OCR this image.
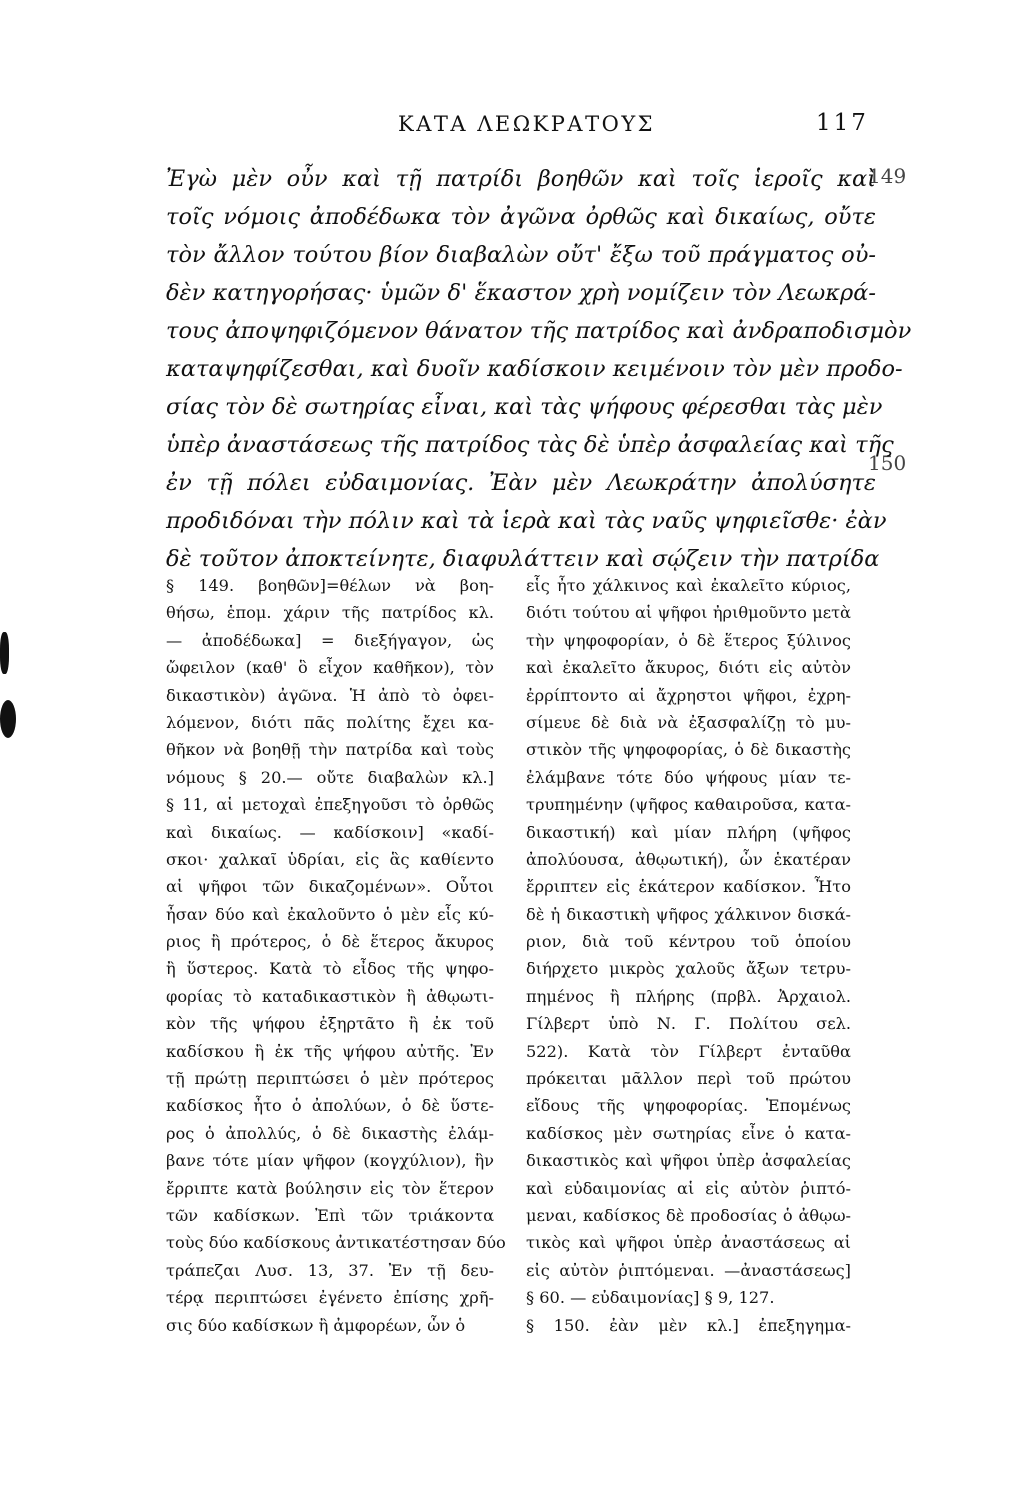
ΚΑΤΑ ΛΕΩΚΡΑΤΟΥΣ	117
149
150
Ἐγὼ μὲν οὖν καὶ τῇ πατρίδι βοηθῶν καὶ τοῖς ἱεροῖς καὶ
τοῖς νόμοις ἀποδέδωκα τὸν ἀγῶνα ὀρθῶς καὶ δικαίως, οὔτε
τὸν ἄλλον τούτου βίον διαβαλὼν οὔτ' ἔξω τοῦ πράγματος οὐ-
δὲν κατηγορήσας· ὑμῶν δ' ἕκαστον χρὴ νομίζειν τὸν Λεωκρά-
τους ἀποψηφιζόμενον θάνατον τῆς πατρίδος καὶ ἀνδραποδισμὸν
καταψηφίζεσθαι, καὶ δυοῖν καδίσκοιν κειμένοιν τὸν μὲν προδο-
σίας τὸν δὲ σωτηρίας εἶναι, καὶ τὰς ψήφους φέρεσθαι τὰς μὲν
ὑπὲρ ἀναστάσεως τῆς πατρίδος τὰς δὲ ὑπὲρ ἀσφαλείας καὶ τῆς
ἐν τῇ πόλει εὐδαιμονίας. Ἐὰν μὲν Λεωκράτην ἀπολύσητε
προδιδόναι τὴν πόλιν καὶ τὰ ἱερὰ καὶ τὰς ναῦς ψηφιεῖσθε· ἐὰν
δὲ τοῦτον ἀποκτείνητε, διαφυλάττειν καὶ σῴζειν τὴν πατρίδα
§ 149. βοηθῶν]=θέλων νὰ βοη-
θήσω, ἑπομ. χάριν τῆς πατρίδος κλ.
— ἀποδέδωκα] = διεξήγαγον, ὡς
ὤφειλον (καθ' ὃ εἶχον καθῆκον), τὸν
δικαστικὸν) ἀγῶνα. Ἡ ἀπὸ τὸ ὀφει-
λόμενον, διότι πᾶς πολίτης ἔχει κα-
θῆκον νὰ βοηθῇ τὴν πατρίδα καὶ τοὺς
νόμους § 20.— οὔτε διαβαλὼν κλ.]
§ 11, αἱ μετοχαὶ ἐπεξηγοῦσι τὸ ὀρθῶς
καὶ δικαίως. — καδίσκοιν] «καδί-
σκοι· χαλκαῖ ὑδρίαι, εἰς ἃς καθίεντο
αἱ ψῆφοι τῶν δικαζομένων». Οὗτοι
ἦσαν δύο καὶ ἐκαλοῦντο ὁ μὲν εἷς κύ-
ριος ἢ πρότερος, ὁ δὲ ἕτερος ἄκυρος
ἢ ὕστερος. Κατὰ τὸ εἶδος τῆς ψηφο-
φορίας τὸ καταδικαστικὸν ἢ ἀθῳωτι-
κὸν τῆς ψήφου ἐξηρτᾶτο ἢ ἐκ τοῦ
καδίσκου ἢ ἐκ τῆς ψήφου αὐτῆς. Ἐν
τῇ πρώτῃ περιπτώσει ὁ μὲν πρότερος
καδίσκος ἦτο ὁ ἀπολύων, ὁ δὲ ὕστε-
ρος ὁ ἀπολλύς, ὁ δὲ δικαστὴς ἐλάμ-
βανε τότε μίαν ψῆφον (κογχύλιον), ἣν
ἔρριπτε κατὰ βούλησιν εἰς τὸν ἕτερον
τῶν καδίσκων. Ἐπὶ τῶν τριάκοντα
τοὺς δύο καδίσκους ἀντικατέστησαν δύο
τράπεζαι Λυσ. 13, 37. Ἐν τῇ δευ-
τέρᾳ περιπτώσει ἐγένετο ἐπίσης χρῆ-
σις δύο καδίσκων ἢ ἀμφορέων, ὧν ὁ
εἷς ἦτο χάλκινος καὶ ἐκαλεῖτο κύριος,
διότι τούτου αἱ ψῆφοι ἠριθμοῦντο μετὰ
τὴν ψηφοφορίαν, ὁ δὲ ἕτερος ξύλινος
καὶ ἐκαλεῖτο ἄκυρος, διότι εἰς αὐτὸν
ἐρρίπτοντο αἱ ἄχρηστοι ψῆφοι, ἐχρη-
σίμευε δὲ διὰ νὰ ἐξασφαλίζῃ τὸ μυ-
στικὸν τῆς ψηφοφορίας, ὁ δὲ δικαστὴς
ἐλάμβανε τότε δύο ψήφους μίαν τε-
τρυπημένην (ψῆφος καθαιροῦσα, κατα-
δικαστική) καὶ μίαν πλήρη (ψῆφος
ἀπολύουσα, ἀθῳωτική), ὧν ἑκατέραν
ἔρριπτεν εἰς ἑκάτερον καδίσκον. Ἦτο
δὲ ἡ δικαστικὴ ψῆφος χάλκινον δισκά-
ριον, διὰ τοῦ κέντρου τοῦ ὁποίου
διήρχετο μικρὸς χαλοῦς ἄξων τετρυ-
πημένος ἢ πλήρης (πρβλ. Ἀρχαιολ.
Γίλβερτ ὑπὸ Ν. Γ. Πολίτου σελ.
522). Κατὰ τὸν Γίλβερτ ἐνταῦθα
πρόκειται μᾶλλον περὶ τοῦ πρώτου
εἴδους τῆς ψηφοφορίας. Ἑπομένως
καδίσκος μὲν σωτηρίας εἶνε ὁ κατα-
δικαστικὸς καὶ ψῆφοι ὑπὲρ ἀσφαλείας
καὶ εὐδαιμονίας αἱ εἰς αὐτὸν ῥιπτό-
μεναι, καδίσκος δὲ προδοσίας ὁ ἀθῳω-
τικὸς καὶ ψῆφοι ὑπὲρ ἀναστάσεως αἱ
εἰς αὐτὸν ῥιπτόμεναι. —ἀναστάσεως]
§ 60. — εὐδαιμονίας] § 9, 127.
§ 150. ἐὰν μὲν κλ.] ἐπεξηγημα-
